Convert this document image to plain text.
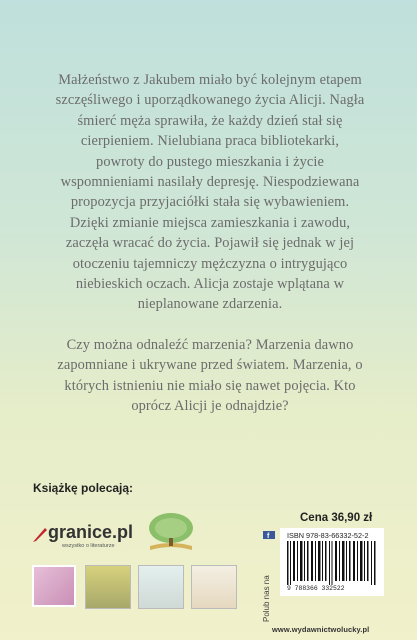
Małżeństwo z Jakubem miało być kolejnym etapem szczęśliwego i uporządkowanego życia Alicji. Nagła śmierć męża sprawiła, że każdy dzień stał się cierpieniem. Nielubiana praca bibliotekarki, powroty do pustego mieszkania i życie wspomnieniami nasilały depresję. Niespodziewana propozycja przyjaciółki stała się wybawieniem. Dzięki zmianie miejsca zamieszkania i zawodu, zaczęła wracać do życia. Pojawił się jednak w jej otoczeniu tajemniczy mężczyzna o intrygująco niebieskich oczach. Alicja zostaje wplątana w nieplanowane zdarzenia.

Czy można odnaleźć marzenia? Marzenia dawno zapomniane i ukrywane przed światem. Marzenia, o których istnieniu nie miało się nawet pojęcia. Kto oprócz Alicji je odnajdzie?

Książkę polecają:
granice.pl
wszystko o literaturze
Cena 36,90 zł
f
Polub nas na
ISBN 978-83-66332-52-2
9 788366 332522
www.wydawnictwolucky.pl
